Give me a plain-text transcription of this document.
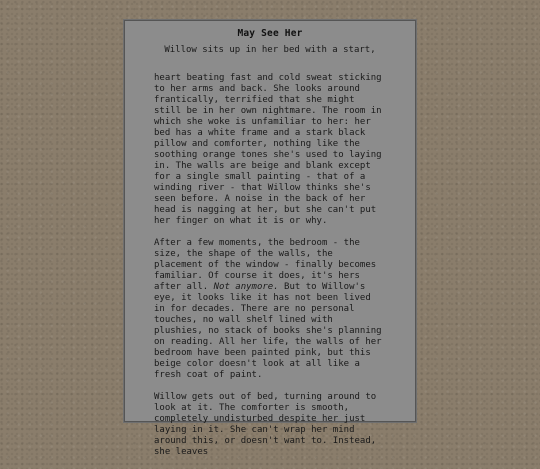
May See Her
Willow sits up in her bed with a start,

heart beating fast and cold sweat sticking to her arms and back. She looks around frantically, terrified that she might still be in her own nightmare. The room in which she woke is unfamiliar to her: her bed has a white frame and a stark black pillow and comforter, nothing like the soothing orange tones she's used to laying in. The walls are beige and blank except for a single small painting - that of a winding river - that Willow thinks she's seen before. A noise in the back of her head is nagging at her, but she can't put her finger on what it is or why.

After a few moments, the bedroom - the size, the shape of the walls, the placement of the window - finally becomes familiar. Of course it does, it's hers after all. Not anymore. But to Willow's eye, it looks like it has not been lived in for decades. There are no personal touches, no wall shelf lined with plushies, no stack of books she's planning on reading. All her life, the walls of her bedroom have been painted pink, but this beige color doesn't look at all like a fresh coat of paint.

Willow gets out of bed, turning around to look at it. The comforter is smooth, completely undisturbed despite her just laying in it. She can't wrap her mind around this, or doesn't want to. Instead, she leaves
